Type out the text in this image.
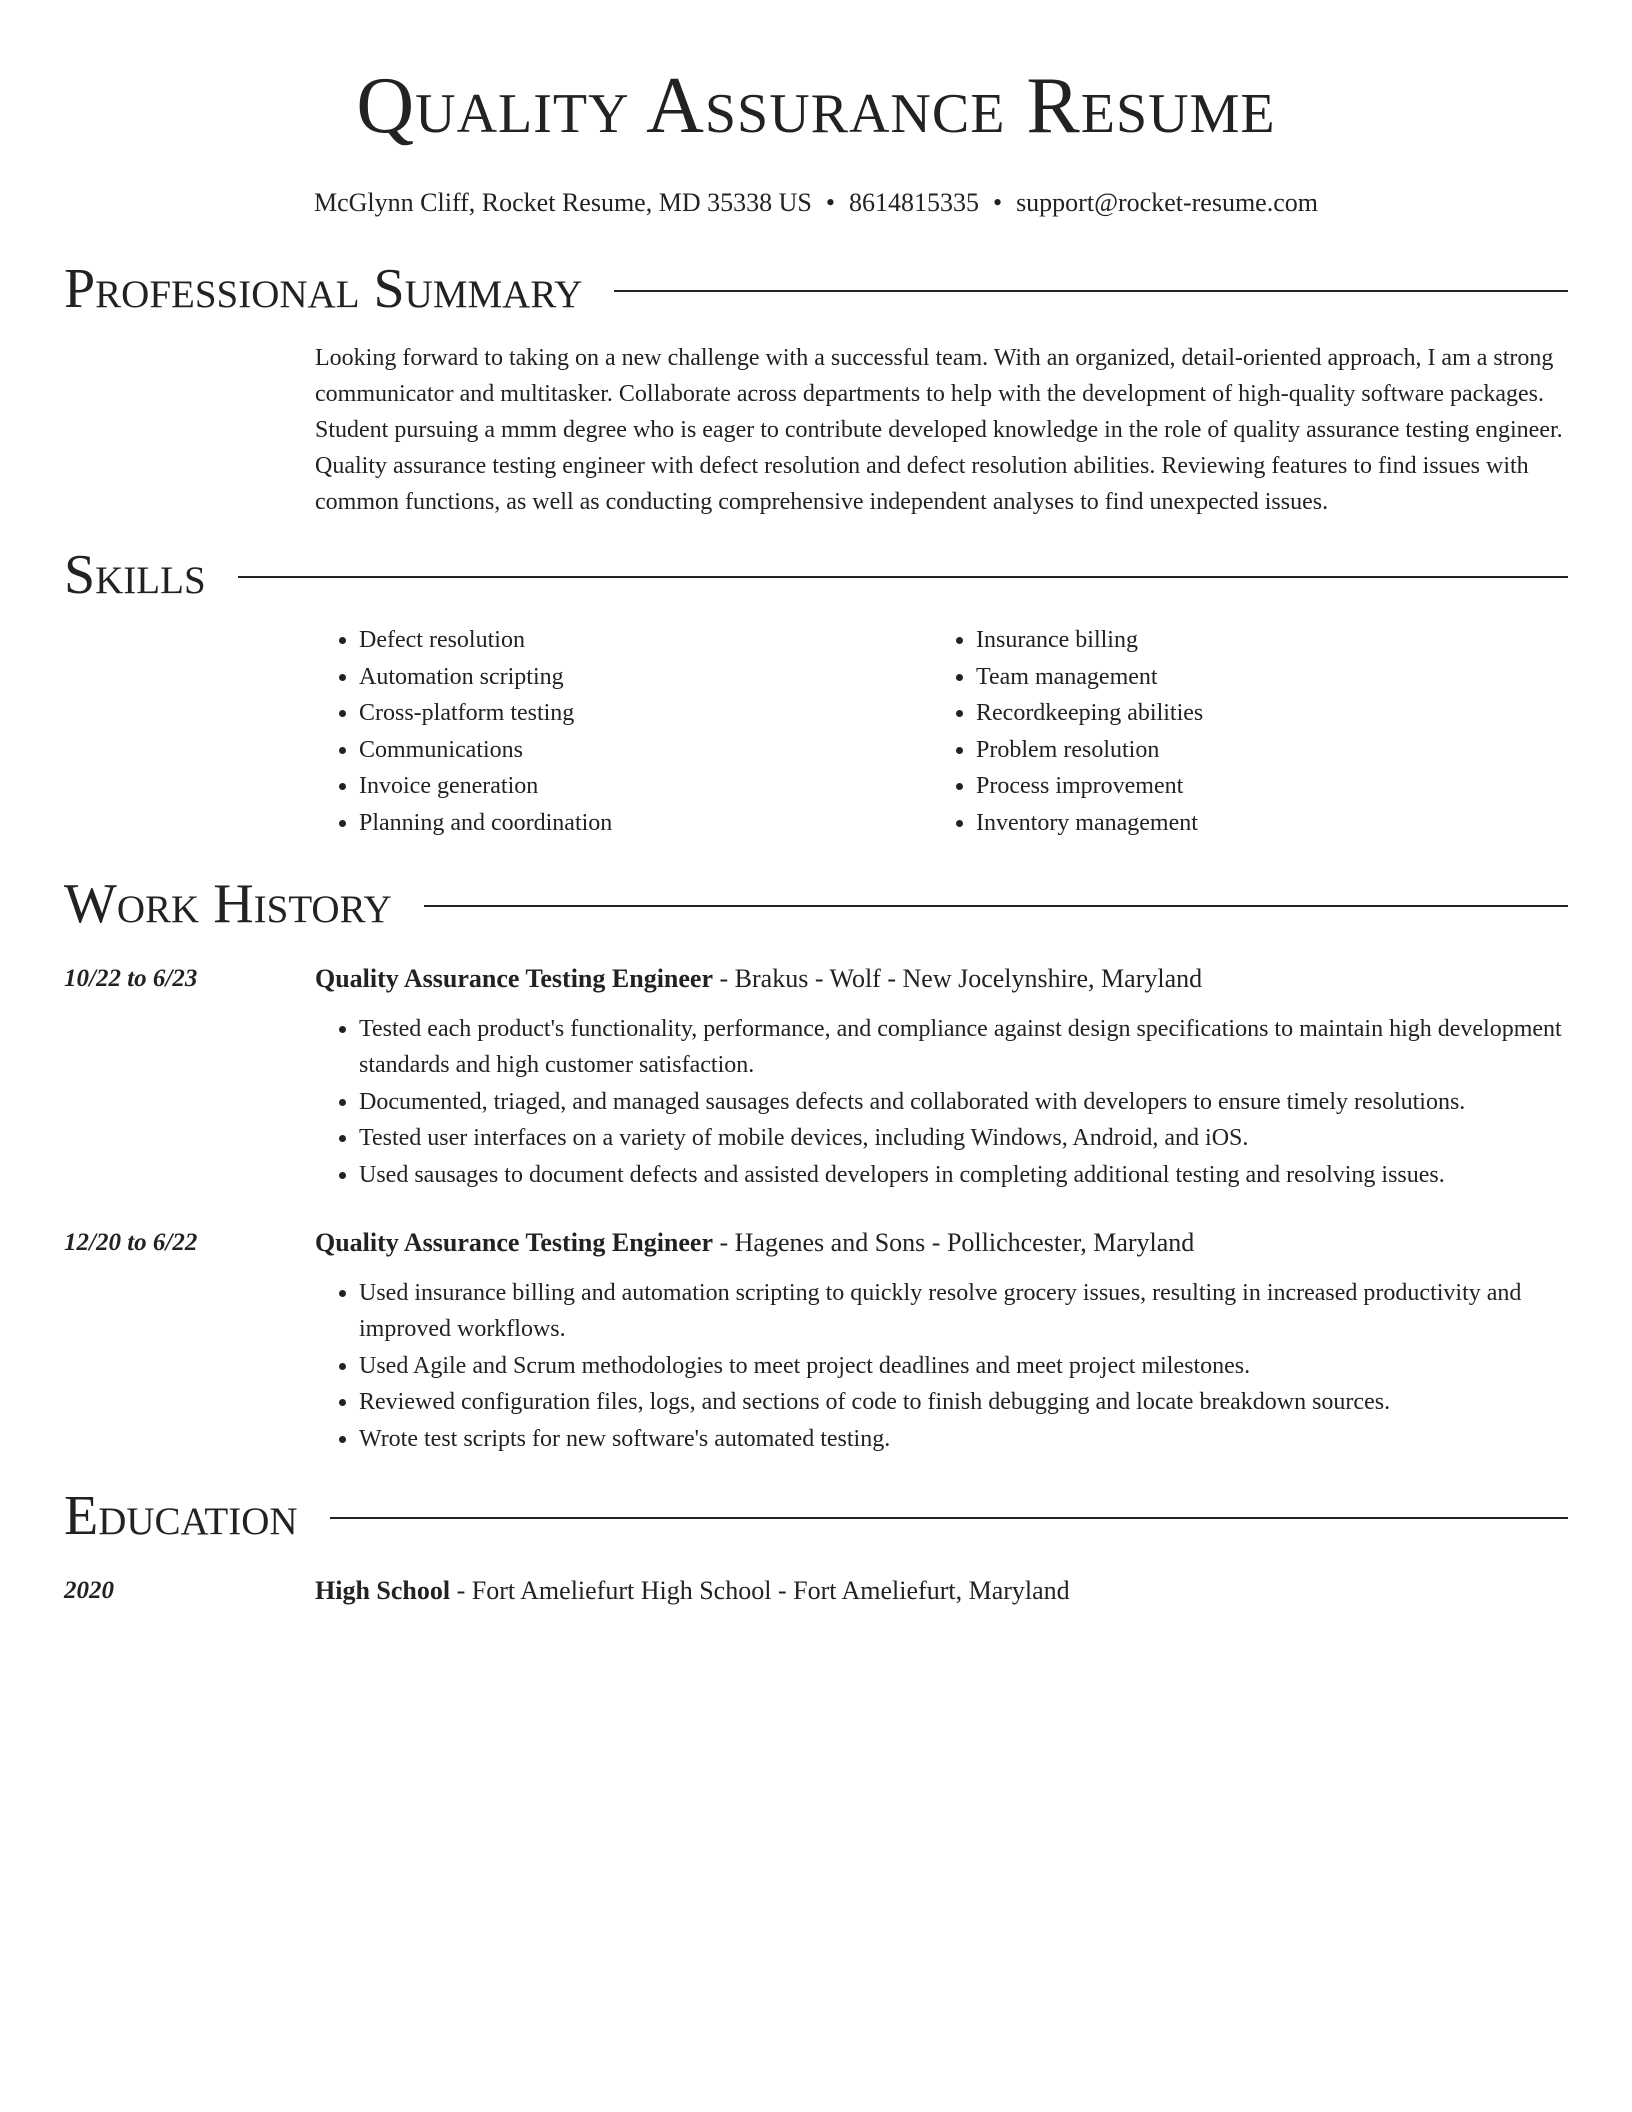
Quality Assurance Resume
McGlynn Cliff, Rocket Resume, MD 35338 US • 8614815335 • support@rocket-resume.com
Professional Summary

Looking forward to taking on a new challenge with a successful team. With an organized, detail-oriented approach, I am a strong communicator and multitasker. Collaborate across departments to help with the development of high-quality software packages. Student pursuing a mmm degree who is eager to contribute developed knowledge in the role of quality assurance testing engineer. Quality assurance testing engineer with defect resolution and defect resolution abilities. Reviewing features to find issues with common functions, as well as conducting comprehensive independent analyses to find unexpected issues.

Skills
• Defect resolution
• Automation scripting
• Cross-platform testing
• Communications
• Invoice generation
• Planning and coordination
• Insurance billing
• Team management
• Recordkeeping abilities
• Problem resolution
• Process improvement
• Inventory management
Work History
10/22 to 6/23	Quality Assurance Testing Engineer - Brakus - Wolf - New Jocelynshire, Maryland
• Tested each product's functionality, performance, and compliance against design specifications to maintain high development standards and high customer satisfaction.
• Documented, triaged, and managed sausages defects and collaborated with developers to ensure timely resolutions.
• Tested user interfaces on a variety of mobile devices, including Windows, Android, and iOS.
• Used sausages to document defects and assisted developers in completing additional testing and resolving issues.
12/20 to 6/22	Quality Assurance Testing Engineer - Hagenes and Sons - Pollichcester, Maryland
• Used insurance billing and automation scripting to quickly resolve grocery issues, resulting in increased productivity and improved workflows.
• Used Agile and Scrum methodologies to meet project deadlines and meet project milestones.
• Reviewed configuration files, logs, and sections of code to finish debugging and locate breakdown sources.
• Wrote test scripts for new software's automated testing.
Education
2020	High School - Fort Ameliefurt High School - Fort Ameliefurt, Maryland
